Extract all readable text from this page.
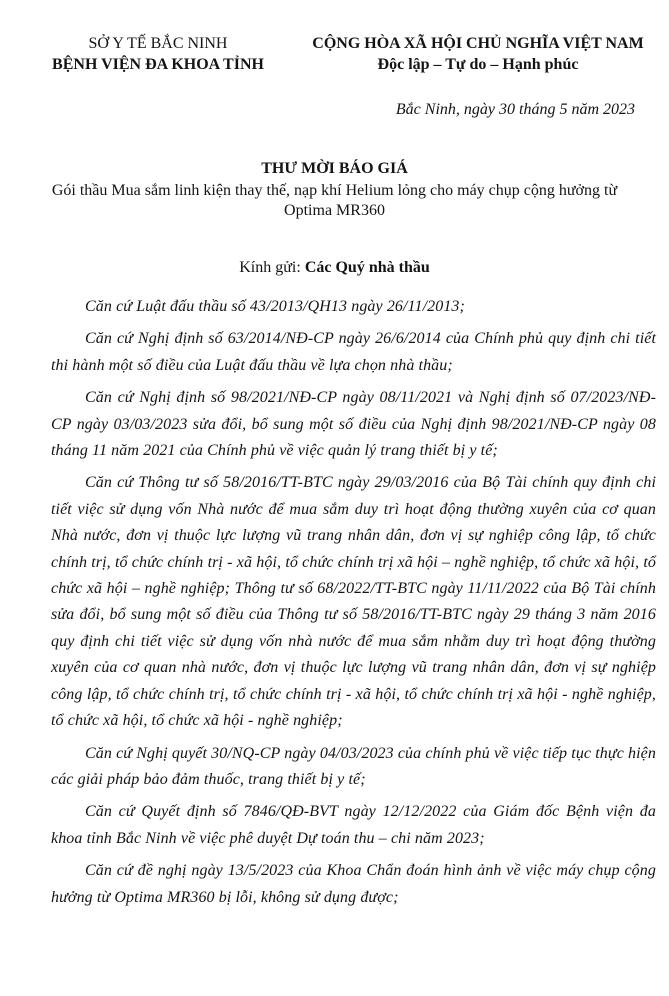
SỞ Y TẾ BẮC NINH
BỆNH VIỆN ĐA KHOA TỈNH
CỘNG HÒA XÃ HỘI CHỦ NGHĨA VIỆT NAM
Độc lập – Tự do – Hạnh phúc
Bắc Ninh, ngày 30 tháng 5 năm 2023
THƯ MỜI BÁO GIÁ
Gói thầu Mua sắm linh kiện thay thế, nạp khí Helium lỏng cho máy chụp cộng hưởng từ Optima MR360
Kính gửi: Các Quý nhà thầu

Căn cứ Luật đấu thầu số 43/2013/QH13 ngày 26/11/2013;

Căn cứ Nghị định số 63/2014/NĐ-CP ngày 26/6/2014 của Chính phủ quy định chi tiết thi hành một số điều của Luật đấu thầu về lựa chọn nhà thầu;

Căn cứ Nghị định số 98/2021/NĐ-CP ngày 08/11/2021 và Nghị định số 07/2023/NĐ-CP ngày 03/03/2023 sửa đổi, bổ sung một số điều của Nghị định 98/2021/NĐ-CP ngày 08 tháng 11 năm 2021 của Chính phủ về việc quản lý trang thiết bị y tế;

Căn cứ Thông tư số 58/2016/TT-BTC ngày 29/03/2016 của Bộ Tài chính quy định chi tiết việc sử dụng vốn Nhà nước để mua sắm duy trì hoạt động thường xuyên của cơ quan Nhà nước, đơn vị thuộc lực lượng vũ trang nhân dân, đơn vị sự nghiệp công lập, tổ chức chính trị, tổ chức chính trị - xã hội, tổ chức chính trị xã hội – nghề nghiệp, tổ chức xã hội, tổ chức xã hội – nghề nghiệp; Thông tư số 68/2022/TT-BTC ngày 11/11/2022 của Bộ Tài chính sửa đổi, bổ sung một số điều của Thông tư số 58/2016/TT-BTC ngày 29 tháng 3 năm 2016 quy định chi tiết việc sử dụng vốn nhà nước để mua sắm nhằm duy trì hoạt động thường xuyên của cơ quan nhà nước, đơn vị thuộc lực lượng vũ trang nhân dân, đơn vị sự nghiệp công lập, tổ chức chính trị, tổ chức chính trị - xã hội, tổ chức chính trị xã hội - nghề nghiệp, tổ chức xã hội, tổ chức xã hội - nghề nghiệp;

Căn cứ Nghị quyết 30/NQ-CP ngày 04/03/2023 của chính phủ về việc tiếp tục thực hiện các giải pháp bảo đảm thuốc, trang thiết bị y tế;

Căn cứ Quyết định số 7846/QĐ-BVT ngày 12/12/2022 của Giám đốc Bệnh viện đa khoa tỉnh Bắc Ninh về việc phê duyệt Dự toán thu – chi năm 2023;

Căn cứ đề nghị ngày 13/5/2023 của Khoa Chẩn đoán hình ảnh về việc máy chụp cộng hưởng từ Optima MR360 bị lỗi, không sử dụng được;
